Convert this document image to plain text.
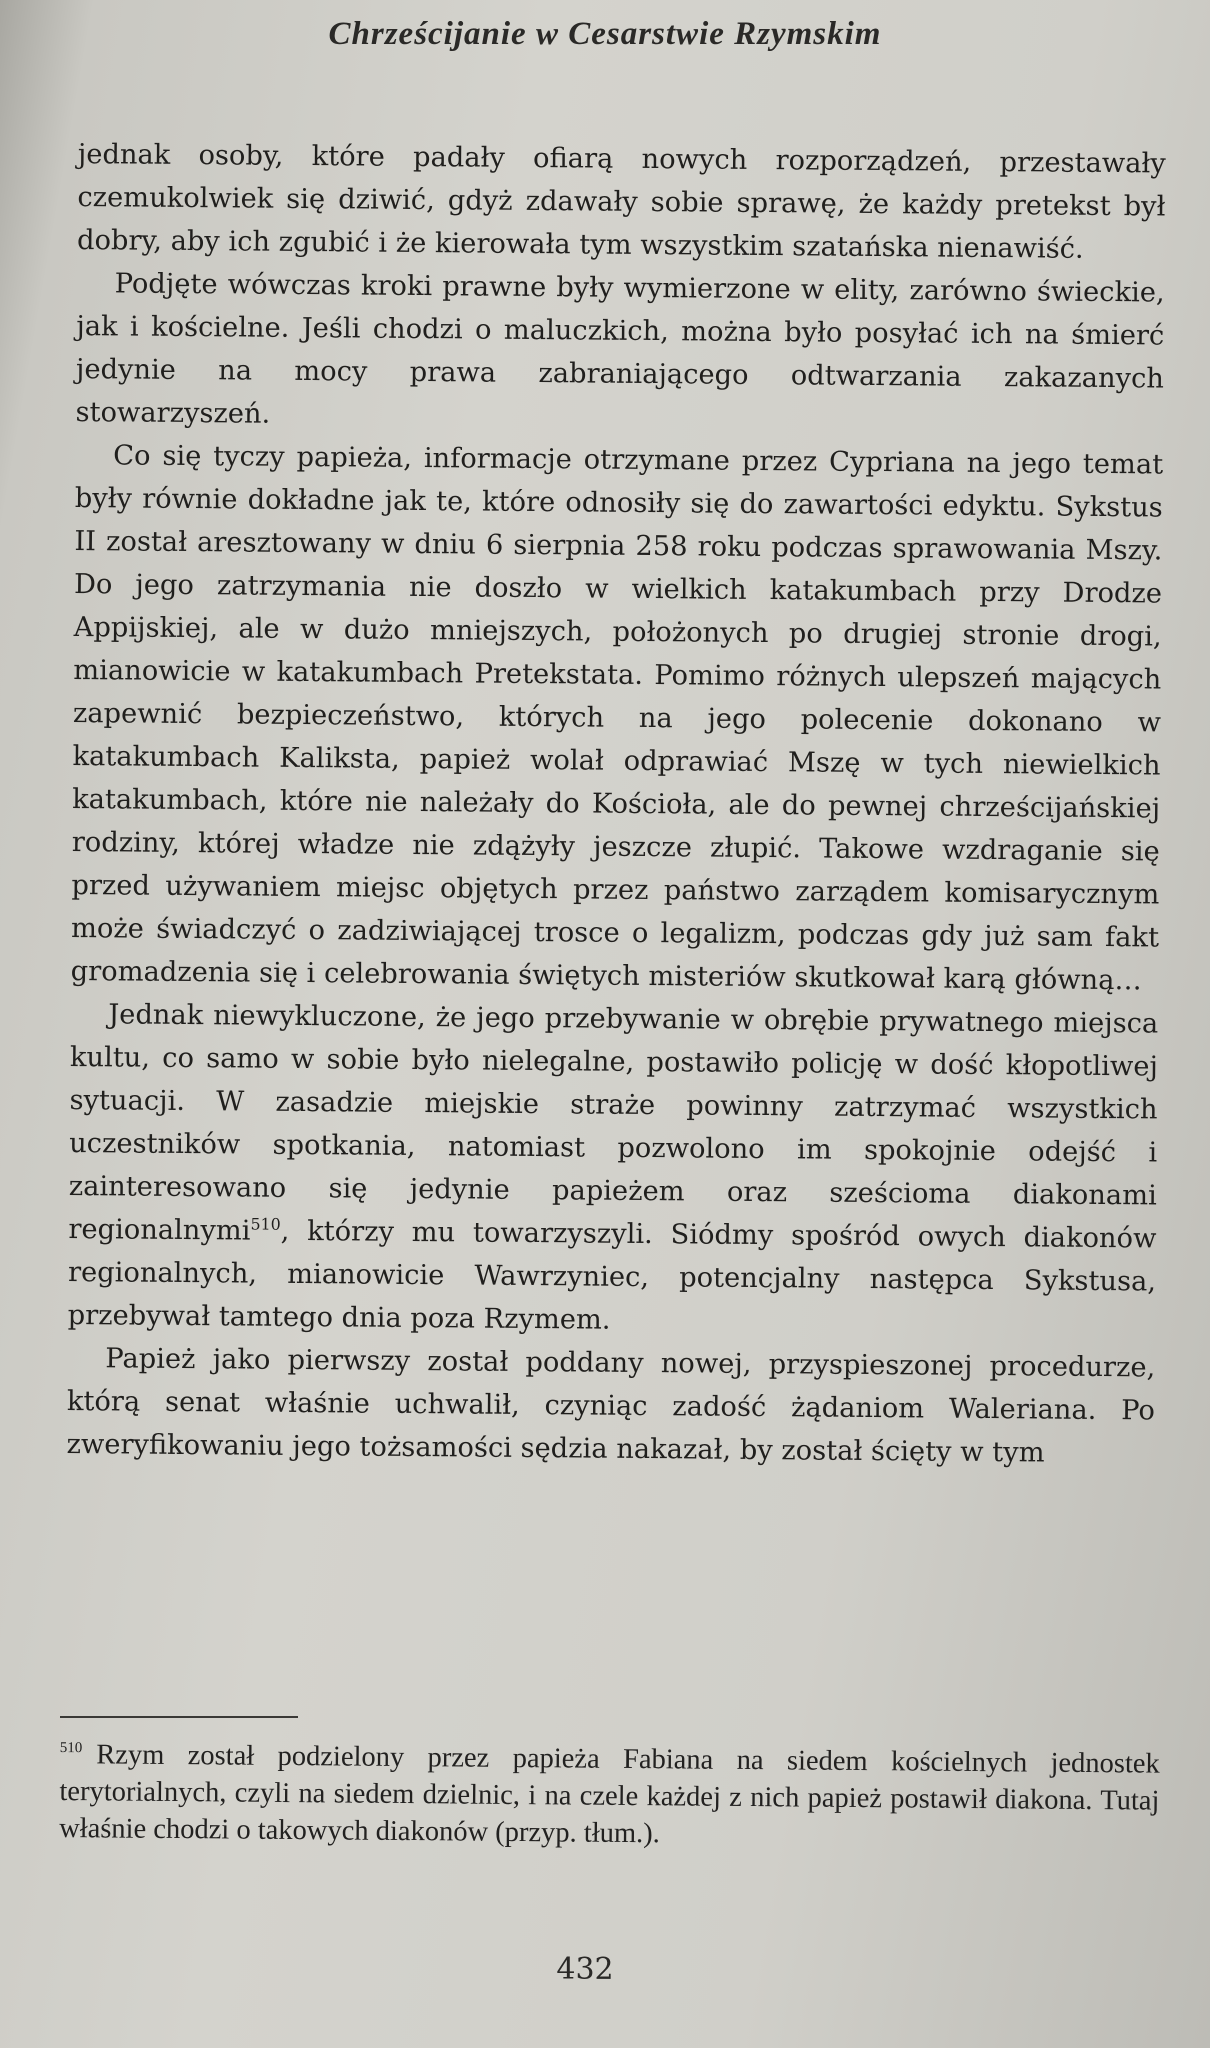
Chrześcijanie w Cesarstwie Rzymskim

jednak osoby, które padały ofiarą nowych rozporządzeń, przestawały czemukolwiek się dziwić, gdyż zdawały sobie sprawę, że każdy pretekst był dobry, aby ich zgubić i że kierowała tym wszystkim szatańska nienawiść.

Podjęte wówczas kroki prawne były wymierzone w elity, zarówno świeckie, jak i kościelne. Jeśli chodzi o maluczkich, można było posyłać ich na śmierć jedynie na mocy prawa zabraniającego odtwarzania zakazanych stowarzyszeń.

Co się tyczy papieża, informacje otrzymane przez Cypriana na jego temat były równie dokładne jak te, które odnosiły się do zawartości edyktu. Sykstus II został aresztowany w dniu 6 sierpnia 258 roku podczas sprawowania Mszy. Do jego zatrzymania nie doszło w wielkich katakumbach przy Drodze Appijskiej, ale w dużo mniejszych, położonych po drugiej stronie drogi, mianowicie w katakumbach Pretekstata. Pomimo różnych ulepszeń mających zapewnić bezpieczeństwo, których na jego polecenie dokonano w katakumbach Kaliksta, papież wolał odprawiać Mszę w tych niewielkich katakumbach, które nie należały do Kościoła, ale do pewnej chrześcijańskiej rodziny, której władze nie zdążyły jeszcze złupić. Takowe wzdraganie się przed używaniem miejsc objętych przez państwo zarządem komisarycznym może świadczyć o zadziwiającej trosce o legalizm, podczas gdy już sam fakt gromadzenia się i celebrowania świętych misteriów skutkował karą główną…

Jednak niewykluczone, że jego przebywanie w obrębie prywatnego miejsca kultu, co samo w sobie było nielegalne, postawiło policję w dość kłopotliwej sytuacji. W zasadzie miejskie straże powinny zatrzymać wszystkich uczestników spotkania, natomiast pozwolono im spokojnie odejść i zainteresowano się jedynie papieżem oraz sześcioma diakonami regionalnymi$^{510}$, którzy mu towarzyszyli. Siódmy spośród owych diakonów regionalnych, mianowicie Wawrzyniec, potencjalny następca Sykstusa, przebywał tamtego dnia poza Rzymem.

Papież jako pierwszy został poddany nowej, przyspieszonej procedurze, którą senat właśnie uchwalił, czyniąc zadość żądaniom Waleriana. Po zweryfikowaniu jego tożsamości sędzia nakazał, by został ścięty w tym

$^{510}$ Rzym został podzielony przez papieża Fabiana na siedem kościelnych jednostek terytorialnych, czyli na siedem dzielnic, i na czele każdej z nich papież postawił diakona. Tutaj właśnie chodzi o takowych diakonów (przyp. tłum.).

432
